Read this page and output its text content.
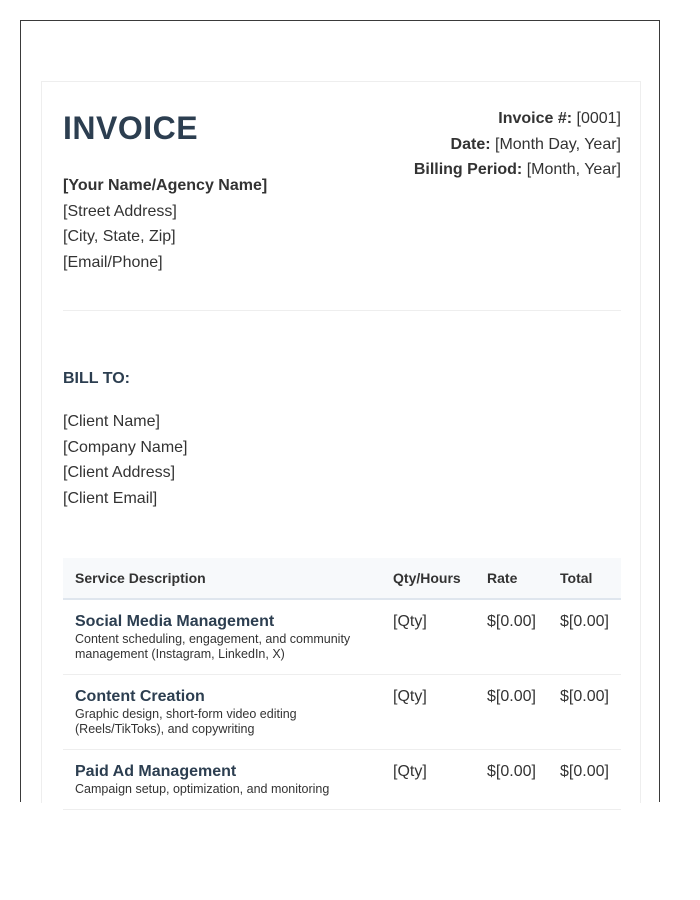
INVOICE	Invoice #: [0001]
Date: [Month Day, Year]
Billing Period: [Month, Year]
[Your Name/Agency Name]
[Street Address]
[City, State, Zip]
[Email/Phone]
BILL TO:
[Client Name]
[Company Name]
[Client Address]
[Client Email]
Service Description	Qty/Hours	Rate	Total

Social Media Management
Content scheduling, engagement, and community management (Instagram, LinkedIn, X)	[Qty]	$[0.00]	$[0.00]

Content Creation
Graphic design, short-form video editing (Reels/TikToks), and copywriting	[Qty]	$[0.00]	$[0.00]

Paid Ad Management
Campaign setup, optimization, and monitoring	[Qty]	$[0.00]	$[0.00]
